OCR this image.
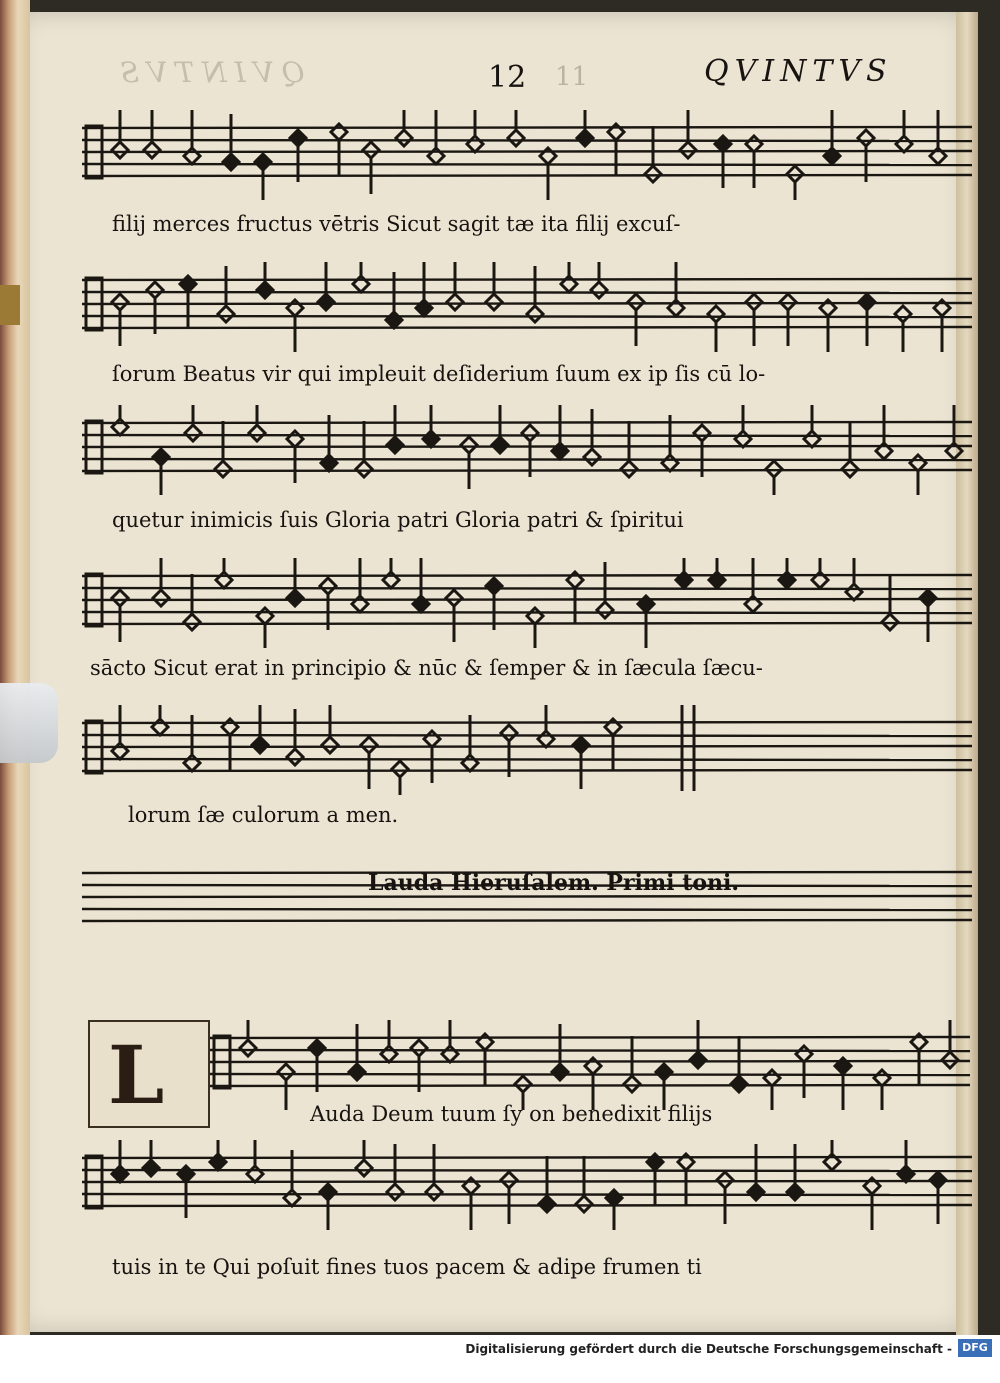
QVINTVS	12 11	QVINTVS
filij merces fructus vētris Sicut sagit tæ ita filij excuſ-
ſorum Beatus vir qui impleuit deſiderium ſuum ex ip ſis cū lo-
quetur inimicis ſuis Gloria patri Gloria patri & ſpiritui
sācto Sicut erat in principio & nūc & ſemper & in ſæcula ſæcu-
lorum ſæ culorum a men.
Lauda Hieruſalem. Primi toni.
L	Auda Deum tuum ſy on benedixit filijs
tuis in te Qui poſuit fines tuos pacem & adipe frumen ti
Digitalisierung gefördert durch die Deutsche Forschungsgemeinschaft - DFG
